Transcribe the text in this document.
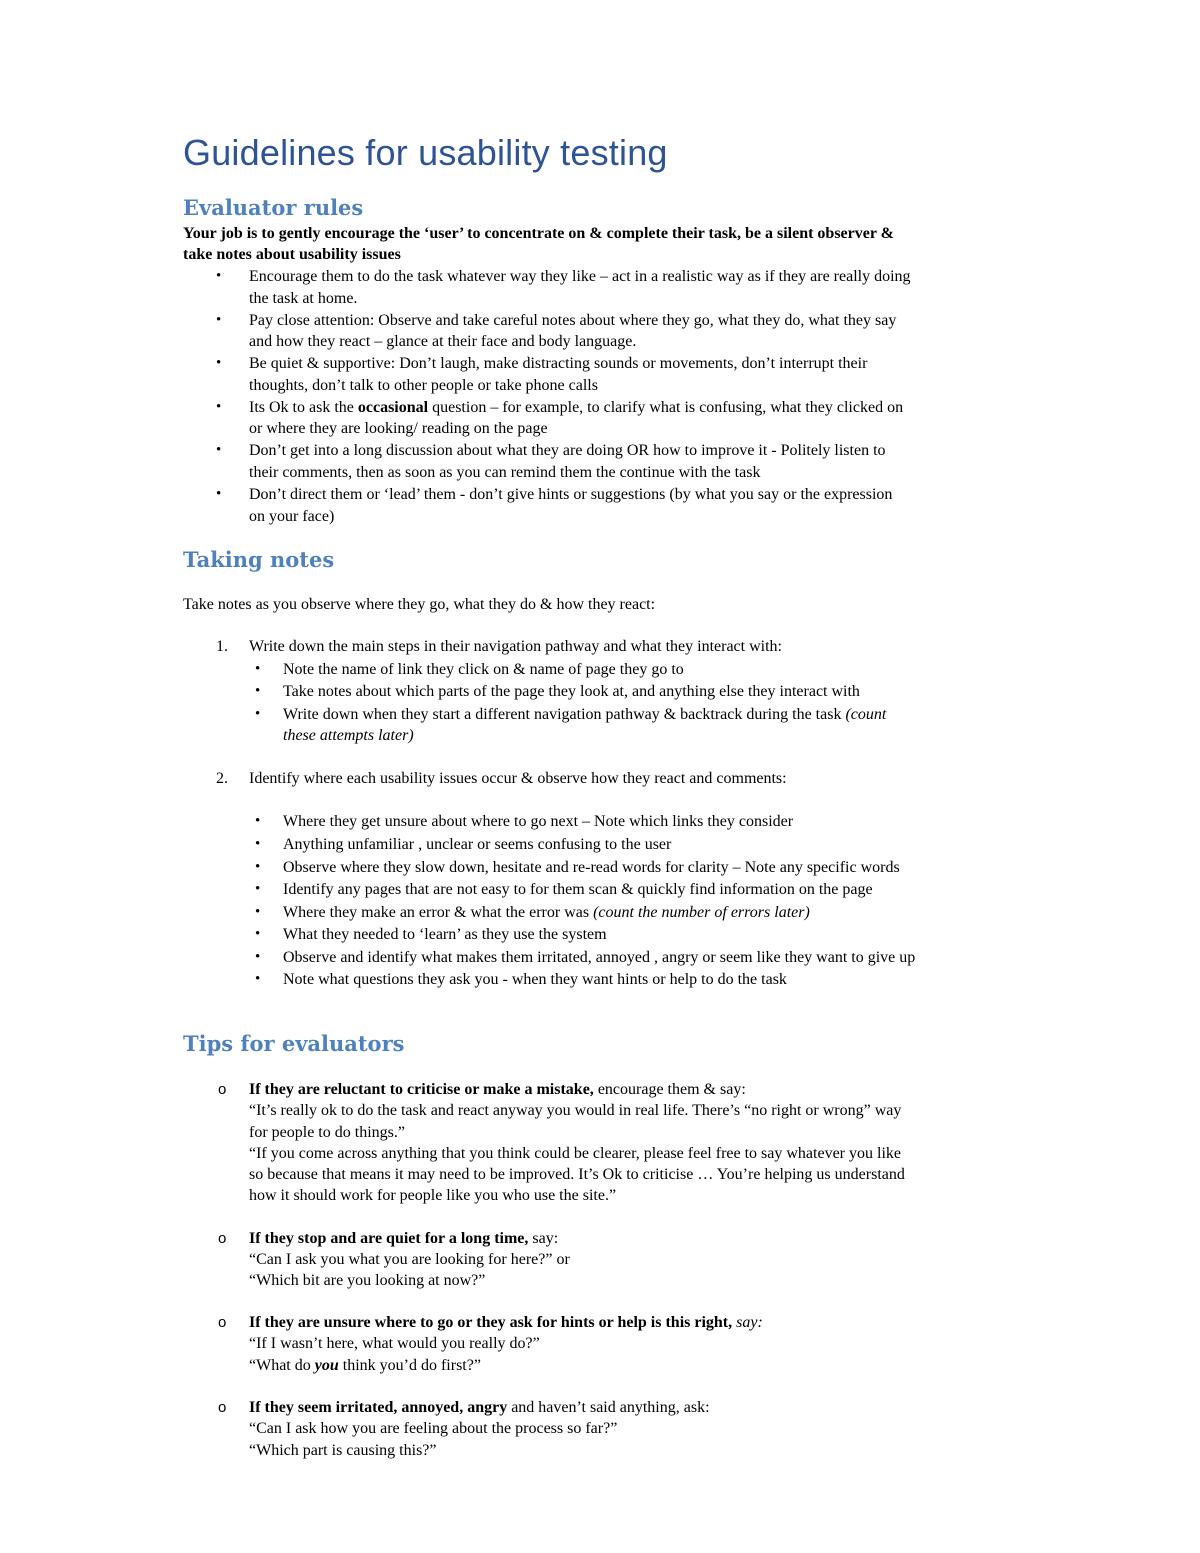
Guidelines for usability testing
Evaluator rules
Your job is to gently encourage the ‘user’ to concentrate on & complete their task, be a silent observer &
take notes about usability issues
• Encourage them to do the task whatever way they like – act in a realistic way as if they are really doing
the task at home.
• Pay close attention: Observe and take careful notes about where they go, what they do, what they say
and how they react – glance at their face and body language.
• Be quiet & supportive: Don’t laugh, make distracting sounds or movements, don’t interrupt their
thoughts, don’t talk to other people or take phone calls
• Its Ok to ask the occasional question – for example, to clarify what is confusing, what they clicked on
or where they are looking/ reading on the page
• Don’t get into a long discussion about what they are doing OR how to improve it - Politely listen to
their comments, then as soon as you can remind them the continue with the task
• Don’t direct them or ‘lead’ them - don’t give hints or suggestions (by what you say or the expression
on your face)
Taking notes
Take notes as you observe where they go, what they do & how they react:
1. Write down the main steps in their navigation pathway and what they interact with:
• Note the name of link they click on & name of page they go to
• Take notes about which parts of the page they look at, and anything else they interact with
• Write down when they start a different navigation pathway & backtrack during the task (count
these attempts later)
2. Identify where each usability issues occur & observe how they react and comments:
• Where they get unsure about where to go next – Note which links they consider
• Anything unfamiliar , unclear or seems confusing to the user
• Observe where they slow down, hesitate and re-read words for clarity – Note any specific words
• Identify any pages that are not easy to for them scan & quickly find information on the page
• Where they make an error & what the error was (count the number of errors later)
• What they needed to ‘learn’ as they use the system
• Observe and identify what makes them irritated, annoyed , angry or seem like they want to give up
• Note what questions they ask you - when they want hints or help to do the task
Tips for evaluators
o If they are reluctant to criticise or make a mistake, encourage them & say:
“It’s really ok to do the task and react anyway you would in real life. There’s “no right or wrong” way
for people to do things.”
“If you come across anything that you think could be clearer, please feel free to say whatever you like
so because that means it may need to be improved. It’s Ok to criticise … You’re helping us understand
how it should work for people like you who use the site.”
o If they stop and are quiet for a long time, say:
“Can I ask you what you are looking for here?” or
“Which bit are you looking at now?”
o If they are unsure where to go or they ask for hints or help is this right, say:
“If I wasn’t here, what would you really do?”
“What do you think you’d do first?”
o If they seem irritated, annoyed, angry and haven’t said anything, ask:
“Can I ask how you are feeling about the process so far?”
“Which part is causing this?”
